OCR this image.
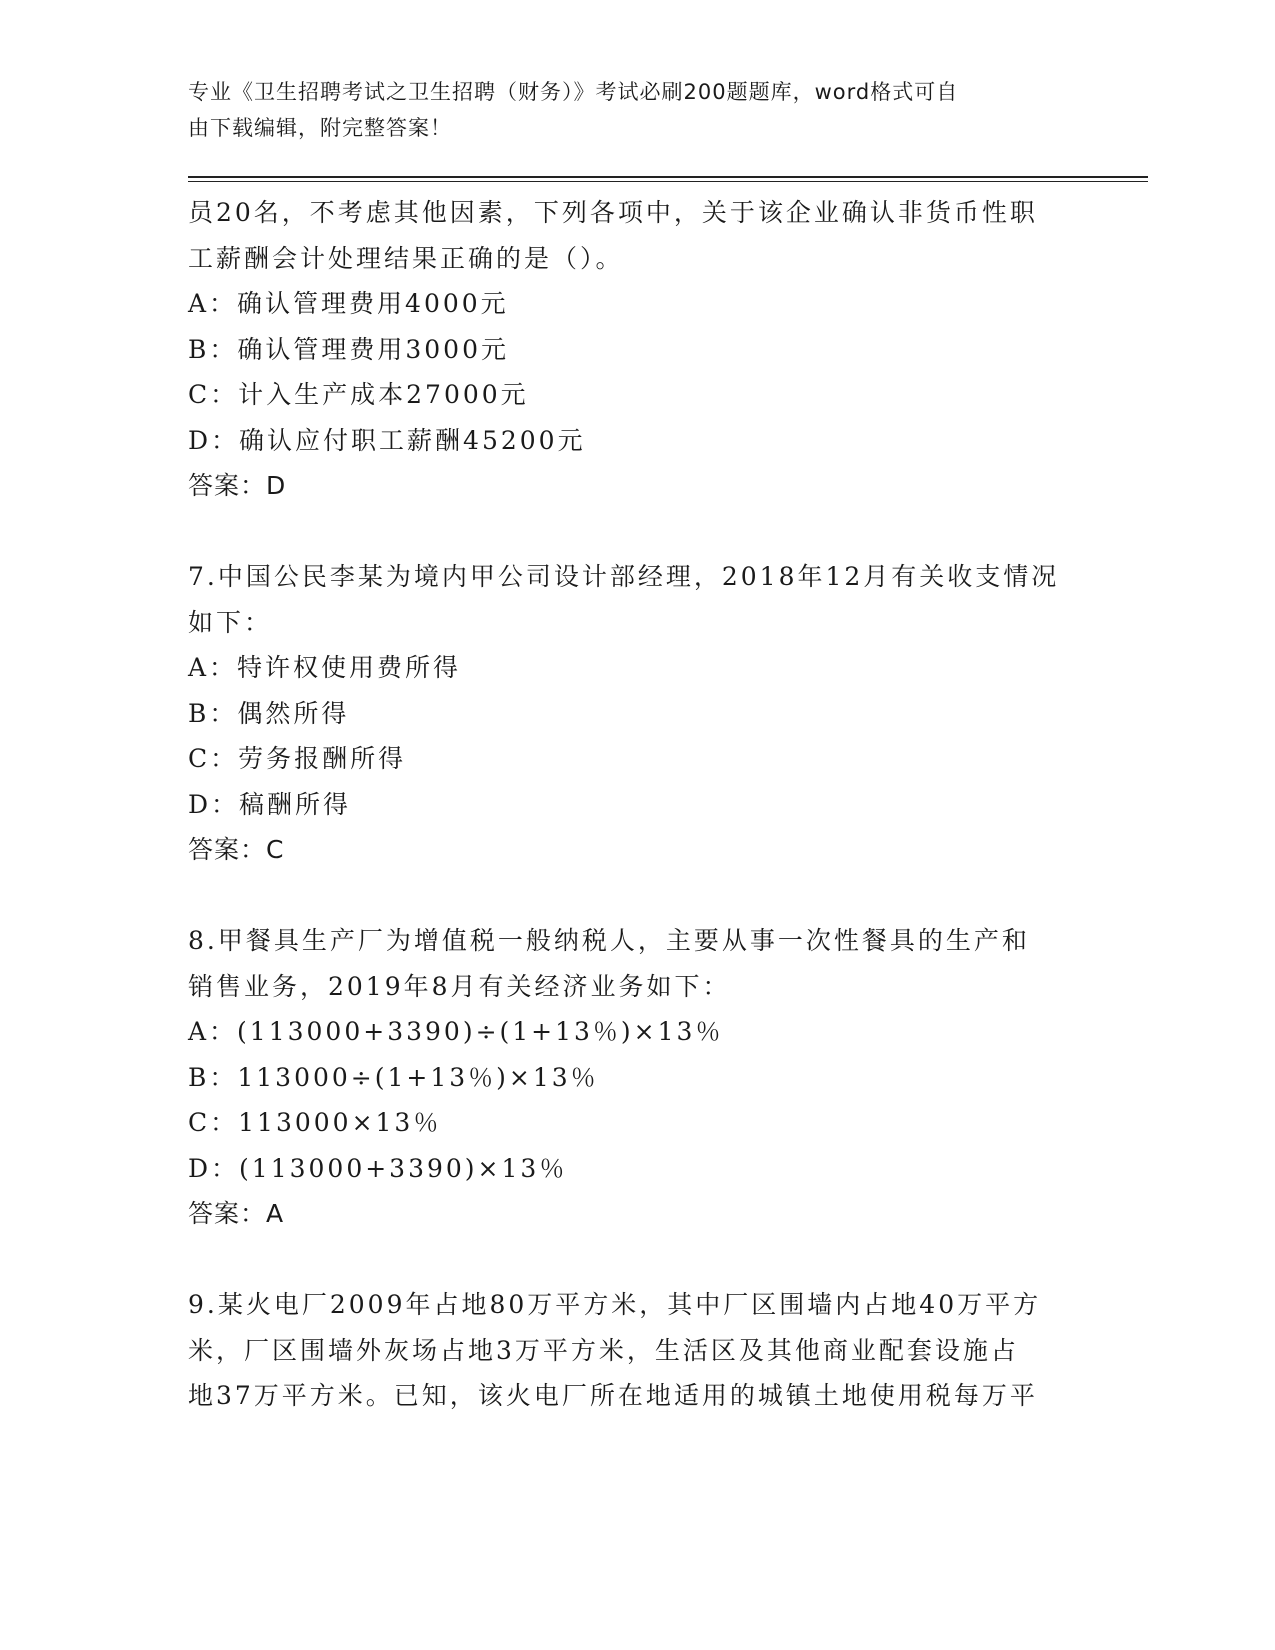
专业《卫生招聘考试之卫生招聘（财务）》考试必刷200题题库，word格式可自
由下载编辑，附完整答案！
员20名，不考虑其他因素，下列各项中，关于该企业确认非货币性职
工薪酬会计处理结果正确的是（）。
A：确认管理费用4000元
B：确认管理费用3000元
C：计入生产成本27000元
D：确认应付职工薪酬45200元
答案：D
7.中国公民李某为境内甲公司设计部经理，2018年12月有关收支情况
如下：
A：特许权使用费所得
B：偶然所得
C：劳务报酬所得
D：稿酬所得
答案：C
8.甲餐具生产厂为增值税一般纳税人，主要从事一次性餐具的生产和
销售业务，2019年8月有关经济业务如下：
A：(113000+3390)÷(1+13％)×13％
B：113000÷(1+13％)×13％
C：113000×13％
D：(113000+3390)×13％
答案：A
9.某火电厂2009年占地80万平方米，其中厂区围墙内占地40万平方
米，厂区围墙外灰场占地3万平方米，生活区及其他商业配套设施占
地37万平方米。已知，该火电厂所在地适用的城镇土地使用税每万平
